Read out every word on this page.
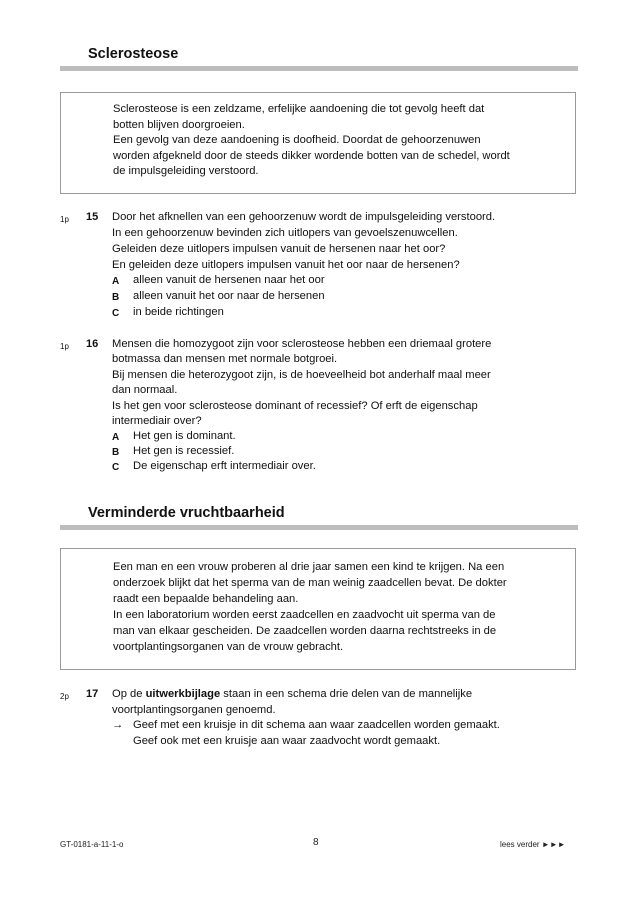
Sclerosteose

Sclerosteose is een zeldzame, erfelijke aandoening die tot gevolg heeft dat

botten blijven doorgroeien.

Een gevolg van deze aandoening is doofheid. Doordat de gehoorzenuwen

worden afgekneld door de steeds dikker wordende botten van de schedel, wordt

de impulsgeleiding verstoord.

1p 15 Door het afknellen van een gehoorzenuw wordt de impulsgeleiding verstoord.
In een gehoorzenuw bevinden zich uitlopers van gevoelszenuwcellen.
Geleiden deze uitlopers impulsen vanuit de hersenen naar het oor?
En geleiden deze uitlopers impulsen vanuit het oor naar de hersenen?
A alleen vanuit de hersenen naar het oor
B alleen vanuit het oor naar de hersenen
C in beide richtingen
1p 16 Mensen die homozygoot zijn voor sclerosteose hebben een driemaal grotere
botmassa dan mensen met normale botgroei.
Bij mensen die heterozygoot zijn, is de hoeveelheid bot anderhalf maal meer
dan normaal.
Is het gen voor sclerosteose dominant of recessief? Of erft de eigenschap
intermediair over?
A Het gen is dominant.
B Het gen is recessief.
C De eigenschap erft intermediair over.
Verminderde vruchtbaarheid

Een man en een vrouw proberen al drie jaar samen een kind te krijgen. Na een

onderzoek blijkt dat het sperma van de man weinig zaadcellen bevat. De dokter

raadt een bepaalde behandeling aan.

In een laboratorium worden eerst zaadcellen en zaadvocht uit sperma van de

man van elkaar gescheiden. De zaadcellen worden daarna rechtstreeks in de

voortplantingsorganen van de vrouw gebracht.

2p 17 Op de uitwerkbijlage staan in een schema drie delen van de mannelijke
voortplantingsorganen genoemd.
→ Geef met een kruisje in dit schema aan waar zaadcellen worden gemaakt.
Geef ook met een kruisje aan waar zaadvocht wordt gemaakt.
GT-0181-a-11-1-o	8	lees verder ►►►
